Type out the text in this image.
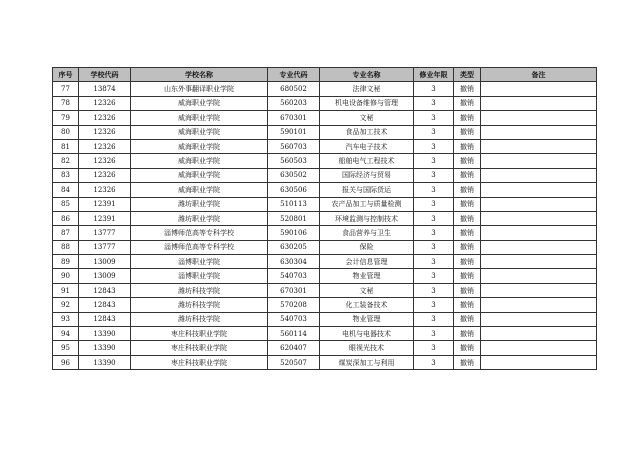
序号	学校代码	学校名称	专业代码	专业名称	修业年限	类型	备注
77	13874	山东外事翻译职业学院	680502	法律文秘	3	撤销	
78	12326	威海职业学院	560203	机电设备维修与管理	3	撤销	
79	12326	威海职业学院	670301	文秘	3	撤销	
80	12326	威海职业学院	590101	食品加工技术	3	撤销	
81	12326	威海职业学院	560703	汽车电子技术	3	撤销	
82	12326	威海职业学院	560503	船舶电气工程技术	3	撤销	
83	12326	威海职业学院	630502	国际经济与贸易	3	撤销	
84	12326	威海职业学院	630506	报关与国际货运	3	撤销	
85	12391	潍坊职业学院	510113	农产品加工与质量检测	3	撤销	
86	12391	潍坊职业学院	520801	环境监测与控制技术	3	撤销	
87	13777	淄博师范高等专科学校	590106	食品营养与卫生	3	撤销	
88	13777	淄博师范高等专科学校	630205	保险	3	撤销	
89	13009	淄博职业学院	630304	会计信息管理	3	撤销	
90	13009	淄博职业学院	540703	物业管理	3	撤销	
91	12843	潍坊科技学院	670301	文秘	3	撤销	
92	12843	潍坊科技学院	570208	化工装备技术	3	撤销	
93	12843	潍坊科技学院	540703	物业管理	3	撤销	
94	13390	枣庄科技职业学院	560114	电机与电器技术	3	撤销	
95	13390	枣庄科技职业学院	620407	眼视光技术	3	撤销	
96	13390	枣庄科技职业学院	520507	煤炭深加工与利用	3	撤销	
